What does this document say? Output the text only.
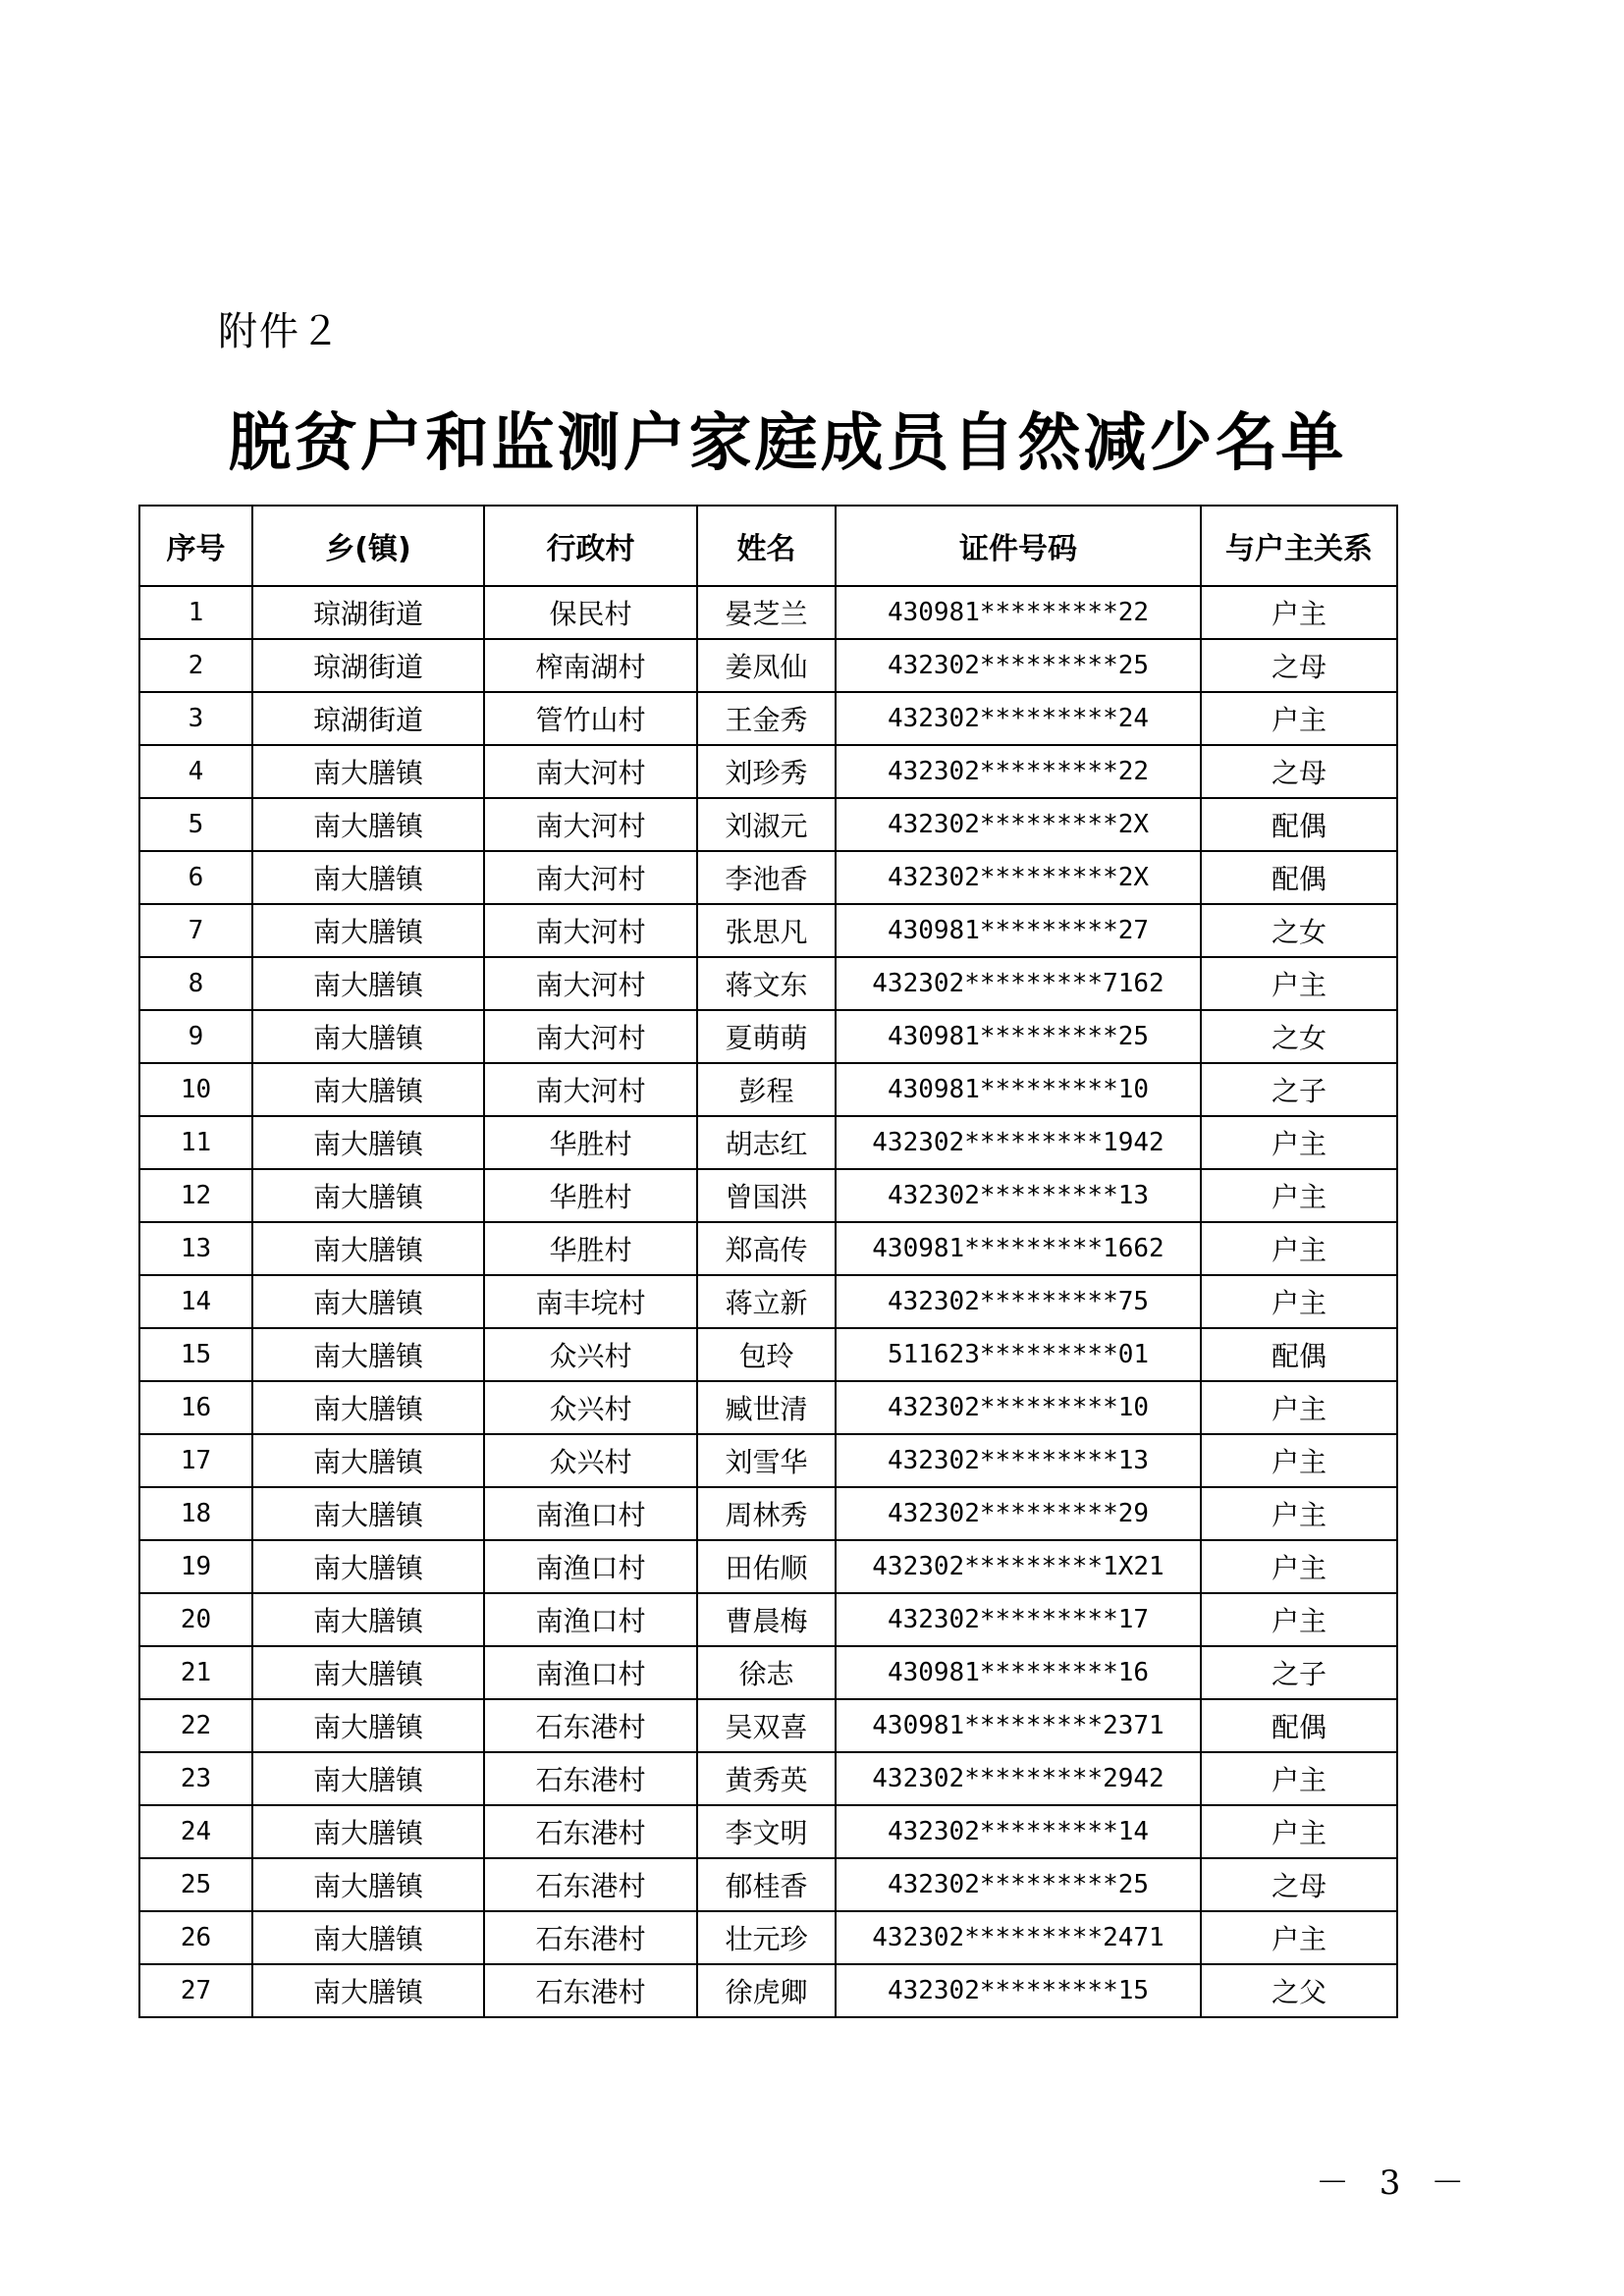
附件２
脱贫户和监测户家庭成员自然减少名单
序号	乡(镇)	行政村	姓名	证件号码	与户主关系
1	琼湖街道	保民村	晏芝兰	430981*********22	户主
2	琼湖街道	榨南湖村	姜凤仙	432302*********25	之母
3	琼湖街道	管竹山村	王金秀	432302*********24	户主
4	南大膳镇	南大河村	刘珍秀	432302*********22	之母
5	南大膳镇	南大河村	刘淑元	432302*********2X	配偶
6	南大膳镇	南大河村	李池香	432302*********2X	配偶
7	南大膳镇	南大河村	张思凡	430981*********27	之女
8	南大膳镇	南大河村	蒋文东	432302*********7162	户主
9	南大膳镇	南大河村	夏萌萌	430981*********25	之女
10	南大膳镇	南大河村	彭程	430981*********10	之子
11	南大膳镇	华胜村	胡志红	432302*********1942	户主
12	南大膳镇	华胜村	曾国洪	432302*********13	户主
13	南大膳镇	华胜村	郑高传	430981*********1662	户主
14	南大膳镇	南丰垸村	蒋立新	432302*********75	户主
15	南大膳镇	众兴村	包玲	511623*********01	配偶
16	南大膳镇	众兴村	臧世清	432302*********10	户主
17	南大膳镇	众兴村	刘雪华	432302*********13	户主
18	南大膳镇	南渔口村	周林秀	432302*********29	户主
19	南大膳镇	南渔口村	田佑顺	432302*********1X21	户主
20	南大膳镇	南渔口村	曹晨梅	432302*********17	户主
21	南大膳镇	南渔口村	徐志	430981*********16	之子
22	南大膳镇	石东港村	吴双喜	430981*********2371	配偶
23	南大膳镇	石东港村	黄秀英	432302*********2942	户主
24	南大膳镇	石东港村	李文明	432302*********14	户主
25	南大膳镇	石东港村	郁桂香	432302*********25	之母
26	南大膳镇	石东港村	壮元珍	432302*********2471	户主
27	南大膳镇	石东港村	徐虎卿	432302*********15	之父
－ 3 －
